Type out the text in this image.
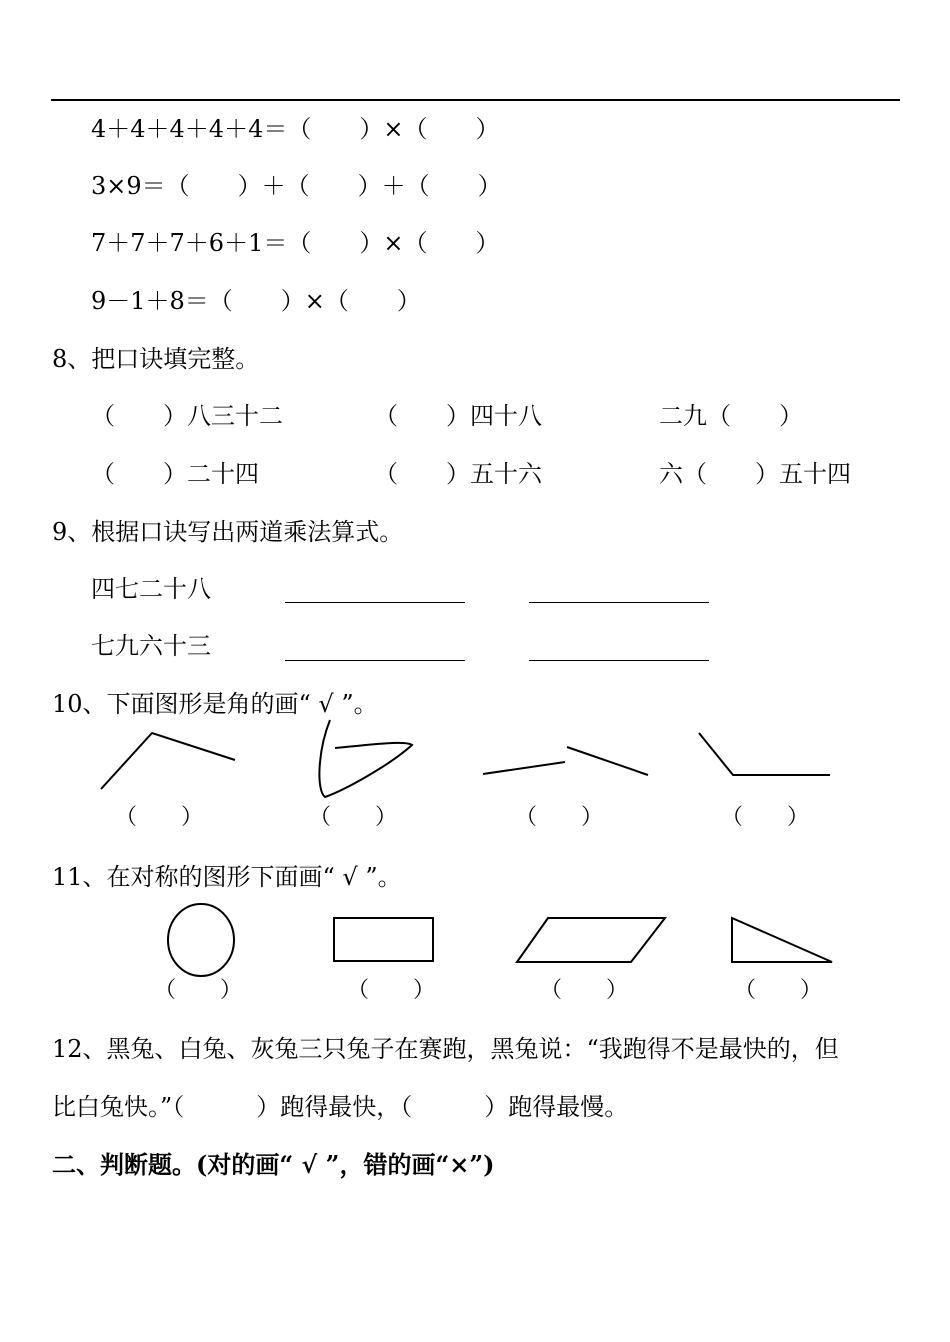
4＋4＋4＋4＋4＝（　　）×（　　）
3×9＝（　　）＋（　　）＋（　　）
7＋7＋7＋6＋1＝（　　）×（　　）
9－1＋8＝（　　）×（　　）
8、把口诀填完整。
（　　）八三十二	（　　）四十八	二九（　　）
（　　）二十四	（　　）五十六	六（　　）五十四
9、根据口诀写出两道乘法算式。
四七二十八
七九六十三
10、下面图形是角的画“ √ ”。
（　　）	（　　）	（　　）	（　　）
11、在对称的图形下面画“ √ ”。
（　　）	（　　）	（　　）	（　　）
12、黑兔、白兔、灰兔三只兔子在赛跑，黑兔说：“我跑得不是最快的，但
比白兔快。”（　　　）跑得最快，（　　　）跑得最慢。
二、判断题。(对的画“ √ ”，错的画“×”)
